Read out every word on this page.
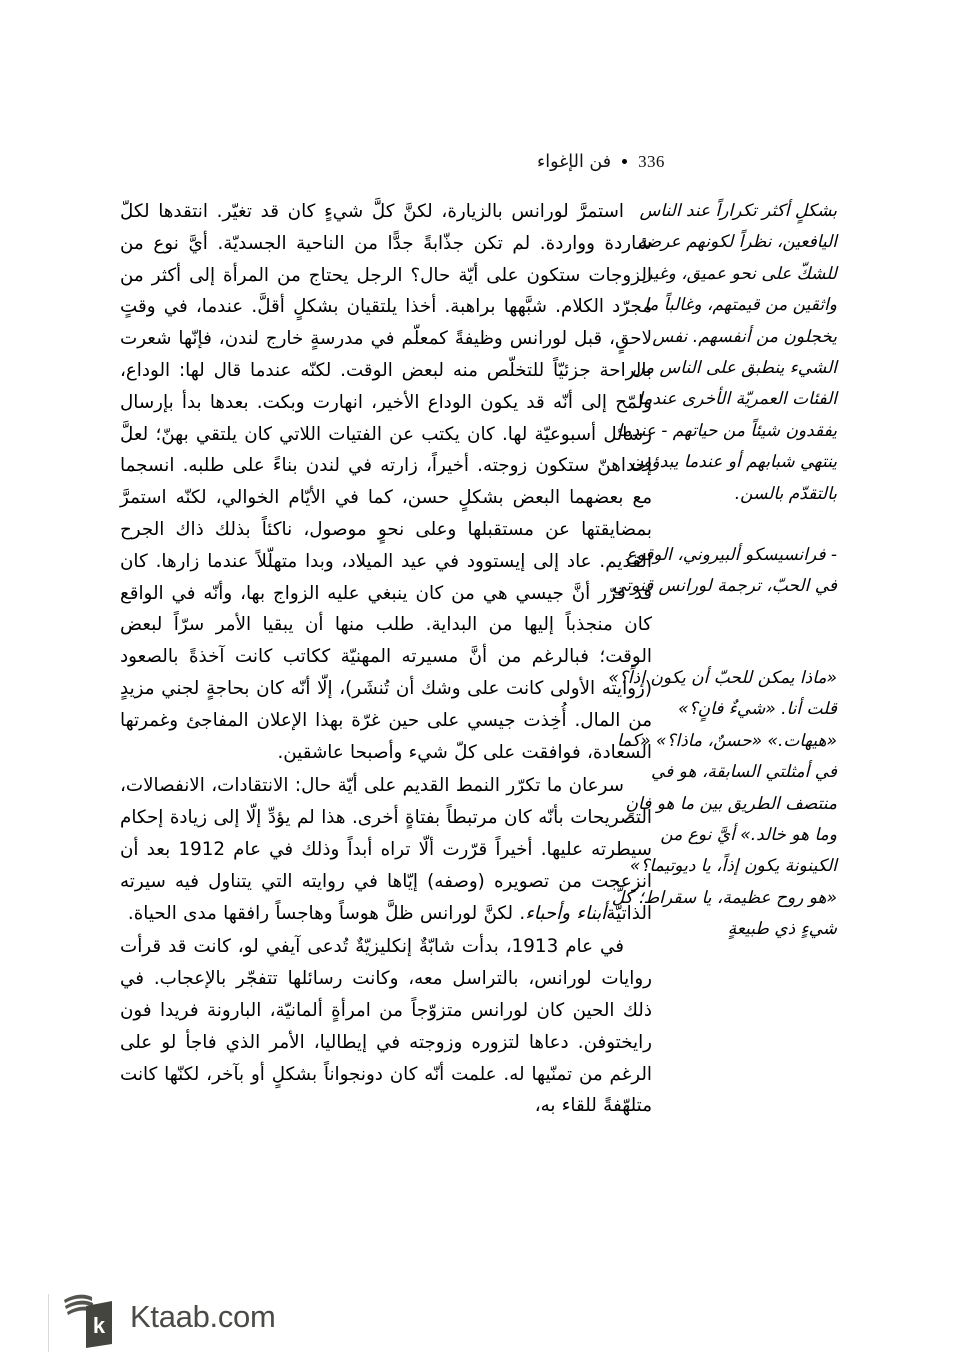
336
فن الإغواء
بشكلٍ أكثر تكراراً عند الناس اليافعين، نظراً لكونهم عرضة للشكّ على نحو عميق، وغير واثقين من قيمتهم، وغالباً ما يخجلون من أنفسهم. نفس الشيء ينطبق على الناس من الفئات العمريّة الأخرى عندما يفقدون شيئاً من حياتهم - عندما ينتهي شبابهم أو عندما يبدؤون بالتقدّم بالسن.
- فرانسيسكو ألبيروني، الوقوع في الحبّ، ترجمة لورانس قنوتي
«ماذا يمكن للحبّ أن يكون إذاً؟» قلت أنا. «شيءٌ فانٍ؟» «هيهات.» «حسنٌ، ماذا؟» «كما في أمثلتي السابقة، هو في منتصف الطريق بين ما هو فانٍ وما هو خالد.» أيَّ نوع من الكينونة يكون إذاً، يا ديوتيما؟» «هو روح عظيمة، يا سقراط؛ كلَّ شيءٍ ذي طبيعةٍ

استمرَّ لورانس بالزيارة، لكنَّ كلَّ شيءٍ كان قد تغيّر. انتقدها لكلّ شاردة وواردة. لم تكن جذّابةً جدًّا من الناحية الجسديّة. أيَّ نوع من الزوجات ستكون على أيّة حال؟ الرجل يحتاج من المرأة إلى أكثر من مجرّد الكلام. شبَّهها براهبة. أخذا يلتقيان بشكلٍ أقلَّ. عندما، في وقتٍ لاحقٍ، قبل لورانس وظيفةً كمعلّم في مدرسةٍ خارج لندن، فإنّها شعرت بالراحة جزئيّاً للتخلّص منه لبعض الوقت. لكنّه عندما قال لها: الوداع، ولمّح إلى أنّه قد يكون الوداع الأخير، انهارت وبكت. بعدها بدأ بإرسال رسائل أسبوعيّة لها. كان يكتب عن الفتيات اللاتي كان يلتقي بهنّ؛ لعلَّ إحداهنّ ستكون زوجته. أخيراً، زارته في لندن بناءً على طلبه. انسجما مع بعضهما البعض بشكلٍ حسن، كما في الأيّام الخوالي، لكنّه استمرَّ بمضايقتها عن مستقبلها وعلى نحوٍ موصول، ناكئاً بذلك ذاك الجرح القديم. عاد إلى إيستوود في عيد الميلاد، وبدا متهلّلاً عندما زارها. كان قد قرّر أنَّ جيسي هي من كان ينبغي عليه الزواج بها، وأنّه في الواقع كان منجذباً إليها من البداية. طلب منها أن يبقيا الأمر سرّاً لبعض الوقت؛ فبالرغم من أنَّ مسيرته المهنيّة ككاتب كانت آخذةً بالصعود (روايته الأولى كانت على وشك أن تُنشَر)، إلّا أنّه كان بحاجةٍ لجني مزيدٍ من المال. أُخِذت جيسي على حين غرّة بهذا الإعلان المفاجئ وغمرتها السعادة، فوافقت على كلّ شيء وأصبحا عاشقين.

سرعان ما تكرّر النمط القديم على أيّة حال: الانتقادات، الانفصالات، التصريحات بأنّه كان مرتبطاً بفتاةٍ أخرى. هذا لم يؤدِّ إلّا إلى زيادة إحكام سيطرته عليها. أخيراً قرّرت ألّا تراه أبداً وذلك في عام 1912 بعد أن انزعجت من تصويره (وصفه) إيّاها في روايته التي يتناول فيه سيرته الذاتيّةأبناء وأحباء. لكنَّ لورانس ظلَّ هوساً وهاجساً رافقها مدى الحياة.

في عام 1913، بدأت شابّةٌ إنكليزيّةٌ تُدعى آيفي لو، كانت قد قرأت روايات لورانس، بالتراسل معه، وكانت رسائلها تتفجّر بالإعجاب. في ذلك الحين كان لورانس متزوّجاً من امرأةٍ ألمانيّة، البارونة فريدا فون رايختوفن. دعاها لتزوره وزوجته في إيطاليا، الأمر الذي فاجأ لو على الرغم من تمنّيها له. علمت أنّه كان دونجواناً بشكلٍ أو بآخر، لكنّها كانت متلهّفةً للقاء به،

k Ktaab.com
